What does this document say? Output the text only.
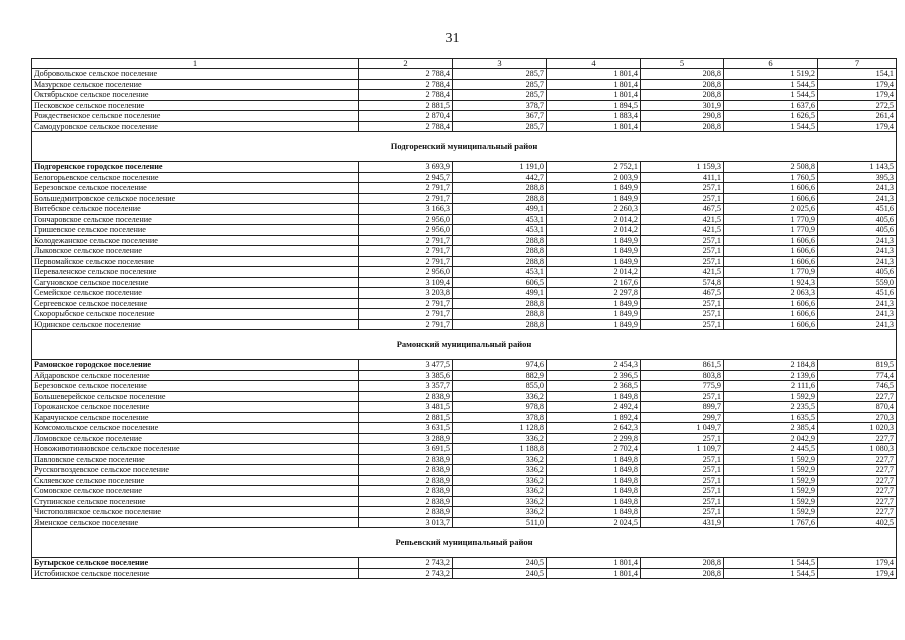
31
1	2	3	4	5	6	7
Добровольское сельское поселение	2 788,4	285,7	1 801,4	208,8	1 519,2	154,1
Мазурское сельское поселение	2 788,4	285,7	1 801,4	208,8	1 544,5	179,4
Октябрьское сельское поселение	2 788,4	285,7	1 801,4	208,8	1 544,5	179,4
Песковское сельское поселение	2 881,5	378,7	1 894,5	301,9	1 637,6	272,5
Рождественское сельское поселение	2 870,4	367,7	1 883,4	290,8	1 626,5	261,4
Самодуровское сельское поселение	2 788,4	285,7	1 801,4	208,8	1 544,5	179,4
Подгоренский муниципальный район						
Подгоренское городское поселение	3 693,9	1 191,0	2 752,1	1 159,3	2 508,8	1 143,5
Белогорьевское сельское поселение	2 945,7	442,7	2 003,9	411,1	1 760,5	395,3
Березовское сельское поселение	2 791,7	288,8	1 849,9	257,1	1 606,6	241,3
Большедмитровское сельское поселение	2 791,7	288,8	1 849,9	257,1	1 606,6	241,3
Витебское сельское поселение	3 166,3	499,1	2 260,3	467,5	2 025,6	451,6
Гончаровское сельское поселение	2 956,0	453,1	2 014,2	421,5	1 770,9	405,6
Гришевское сельское поселение	2 956,0	453,1	2 014,2	421,5	1 770,9	405,6
Колодежанское сельское поселение	2 791,7	288,8	1 849,9	257,1	1 606,6	241,3
Лыковское сельское поселение	2 791,7	288,8	1 849,9	257,1	1 606,6	241,3
Первомайское сельское поселение	2 791,7	288,8	1 849,9	257,1	1 606,6	241,3
Переваленское сельское поселение	2 956,0	453,1	2 014,2	421,5	1 770,9	405,6
Сагуновское сельское поселение	3 109,4	606,5	2 167,6	574,8	1 924,3	559,0
Семейское сельское поселение	3 203,8	499,1	2 297,8	467,5	2 063,3	451,6
Сергеевское сельское поселение	2 791,7	288,8	1 849,9	257,1	1 606,6	241,3
Скорорыбское сельское поселение	2 791,7	288,8	1 849,9	257,1	1 606,6	241,3
Юдинское сельское поселение	2 791,7	288,8	1 849,9	257,1	1 606,6	241,3
Рамонский муниципальный район						
Рамонское городское поселение	3 477,5	974,6	2 454,3	861,5	2 184,8	819,5
Айдаровское сельское поселение	3 385,6	882,9	2 396,5	803,8	2 139,6	774,4
Березовское сельское поселение	3 357,7	855,0	2 368,5	775,9	2 111,6	746,5
Большеверейское сельское поселение	2 838,9	336,2	1 849,8	257,1	1 592,9	227,7
Горожанское сельское поселение	3 481,5	978,8	2 492,4	899,7	2 235,5	870,4
Карачунское сельское поселение	2 881,5	378,8	1 892,4	299,7	1 635,5	270,3
Комсомольское сельское поселение	3 631,5	1 128,8	2 642,3	1 049,7	2 385,4	1 020,3
Ломовское сельское поселение	3 288,9	336,2	2 299,8	257,1	2 042,9	227,7
Новоживотинновское сельское поселение	3 691,5	1 188,8	2 702,4	1 109,7	2 445,5	1 080,3
Павловское сельское поселение	2 838,9	336,2	1 849,8	257,1	1 592,9	227,7
Русскогвоздевское сельское поселение	2 838,9	336,2	1 849,8	257,1	1 592,9	227,7
Скляевское сельское поселение	2 838,9	336,2	1 849,8	257,1	1 592,9	227,7
Сомовское сельское поселение	2 838,9	336,2	1 849,8	257,1	1 592,9	227,7
Ступинское сельское поселение	2 838,9	336,2	1 849,8	257,1	1 592,9	227,7
Чистополянское сельское поселение	2 838,9	336,2	1 849,8	257,1	1 592,9	227,7
Яменское сельское поселение	3 013,7	511,0	2 024,5	431,9	1 767,6	402,5
Репьевский муниципальный район						
Бутырское сельское поселение	2 743,2	240,5	1 801,4	208,8	1 544,5	179,4
Истобинское сельское поселение	2 743,2	240,5	1 801,4	208,8	1 544,5	179,4
